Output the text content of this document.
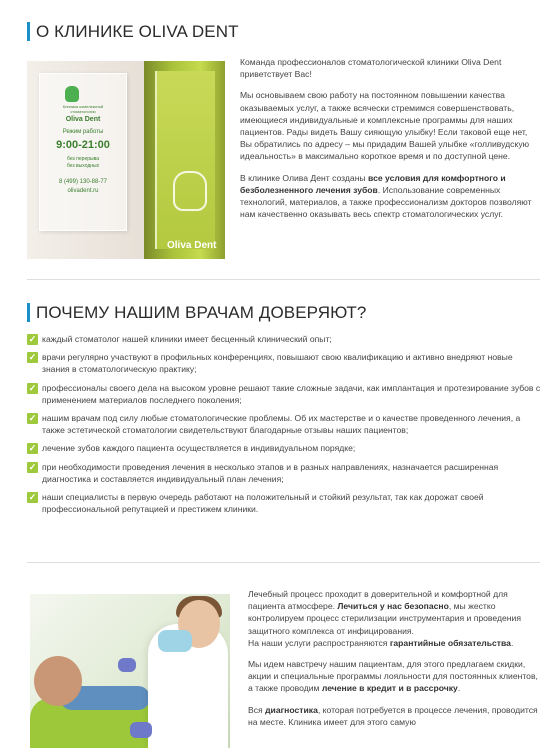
О КЛИНИКЕ OLIVA DENT
Oliva Dent
Клиника комплексной
стоматологии
Oliva Dent
Режим работы
9:00-21:00
без перерыва
без выходных
8 (499) 130-88-77
olivadent.ru

Команда профессионалов стоматологической клиники Oliva Dent приветствует Вас!

Мы основываем свою работу на постоянном повышении качества оказываемых услуг, а также всячески стремимся совершенствовать, имеющиеся индивидуальные и комплексные программы для наших пациентов. Рады видеть Вашу сияющую улыбку! Если таковой еще нет, Вы обратились по адресу – мы придадим Вашей улыбке «голливудскую идеальность» в максимально короткое время и по доступной цене.

В клинике Олива Дент созданы все условия для комфортного и безболезненного лечения зубов. Использование современных технологий, материалов, а также профессионализм докторов позволяют нам качественно оказывать весь спектр стоматологических услуг.

ПОЧЕМУ НАШИМ ВРАЧАМ ДОВЕРЯЮТ?
✓ каждый стоматолог нашей клиники имеет бесценный клинический опыт;
✓ врачи регулярно участвуют в профильных конференциях, повышают свою квалификацию и активно внедряют новые знания в стоматологическую практику;
✓ профессионалы своего дела на высоком уровне решают такие сложные задачи, как имплантация и протезирование зубов с применением материалов последнего поколения;
✓ нашим врачам под силу любые стоматологические проблемы. Об их мастерстве и о качестве проведенного лечения, а также эстетической стоматологии свидетельствуют благодарные отзывы наших пациентов;
✓ лечение зубов каждого пациента осуществляется в индивидуальном порядке;
✓ при необходимости проведения лечения в несколько этапов и в разных направлениях, назначается расширенная диагностика и составляется индивидуальный план лечения;
✓ наши специалисты в первую очередь работают на положительный и стойкий результат, так как дорожат своей профессиональной репутацией и престижем клиники.

Лечебный процесс проходит в доверительной и комфортной для пациента атмосфере. Лечиться у нас безопасно, мы жестко контролируем процесс стерилизации инструментария и проведения защитного комплекса от инфицирования.
На наши услуги распространяются гарантийные обязательства.

Мы идем навстречу нашим пациентам, для этого предлагаем скидки, акции и специальные программы лояльности для постоянных клиентов, а также проводим лечение в кредит и в рассрочку.

Вся диагностика, которая потребуется в процессе лечения, проводится на месте. Клиника имеет для этого самую
